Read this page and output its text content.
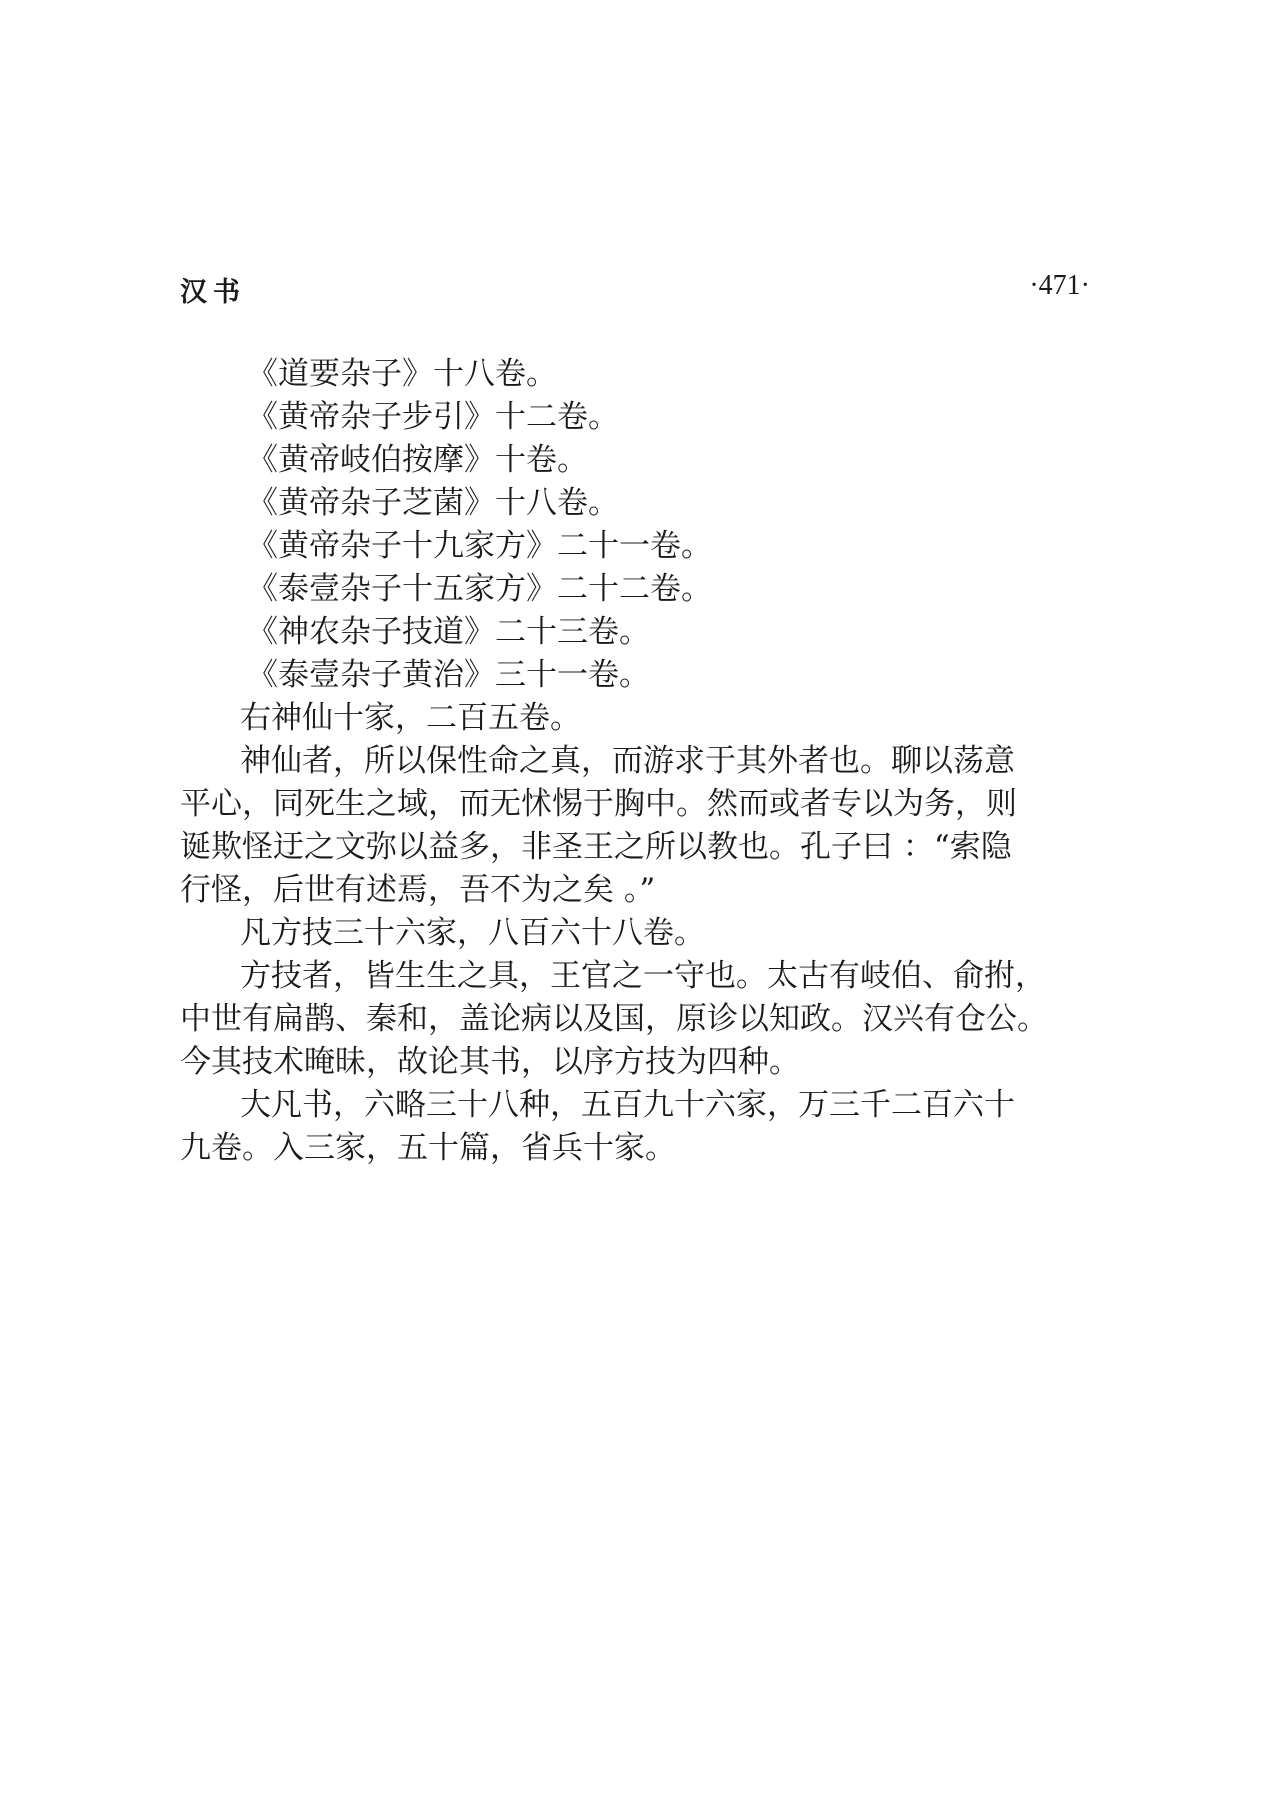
汉书	·471·
《道要杂子》十八卷。
《黄帝杂子步引》十二卷。
《黄帝岐伯按摩》十卷。
《黄帝杂子芝菌》十八卷。
《黄帝杂子十九家方》二十一卷。
《泰壹杂子十五家方》二十二卷。
《神农杂子技道》二十三卷。
《泰壹杂子黄治》三十一卷。
右神仙十家，二百五卷。
神仙者，所以保性命之真，而游求于其外者也。聊以荡意
平心，同死生之域，而无怵惕于胸中。然而或者专以为务，则
诞欺怪迂之文弥以益多，非圣王之所以教也。孔子曰 ：“索隐
行怪，后世有述焉，吾不为之矣 。”
凡方技三十六家，八百六十八卷。
方技者，皆生生之具，王官之一守也。太古有岐伯、俞拊，
中世有扁鹊、秦和，盖论病以及国，原诊以知政。汉兴有仓公。
今其技术晻昧，故论其书，以序方技为四种。
大凡书，六略三十八种，五百九十六家，万三千二百六十
九卷。入三家，五十篇，省兵十家。
